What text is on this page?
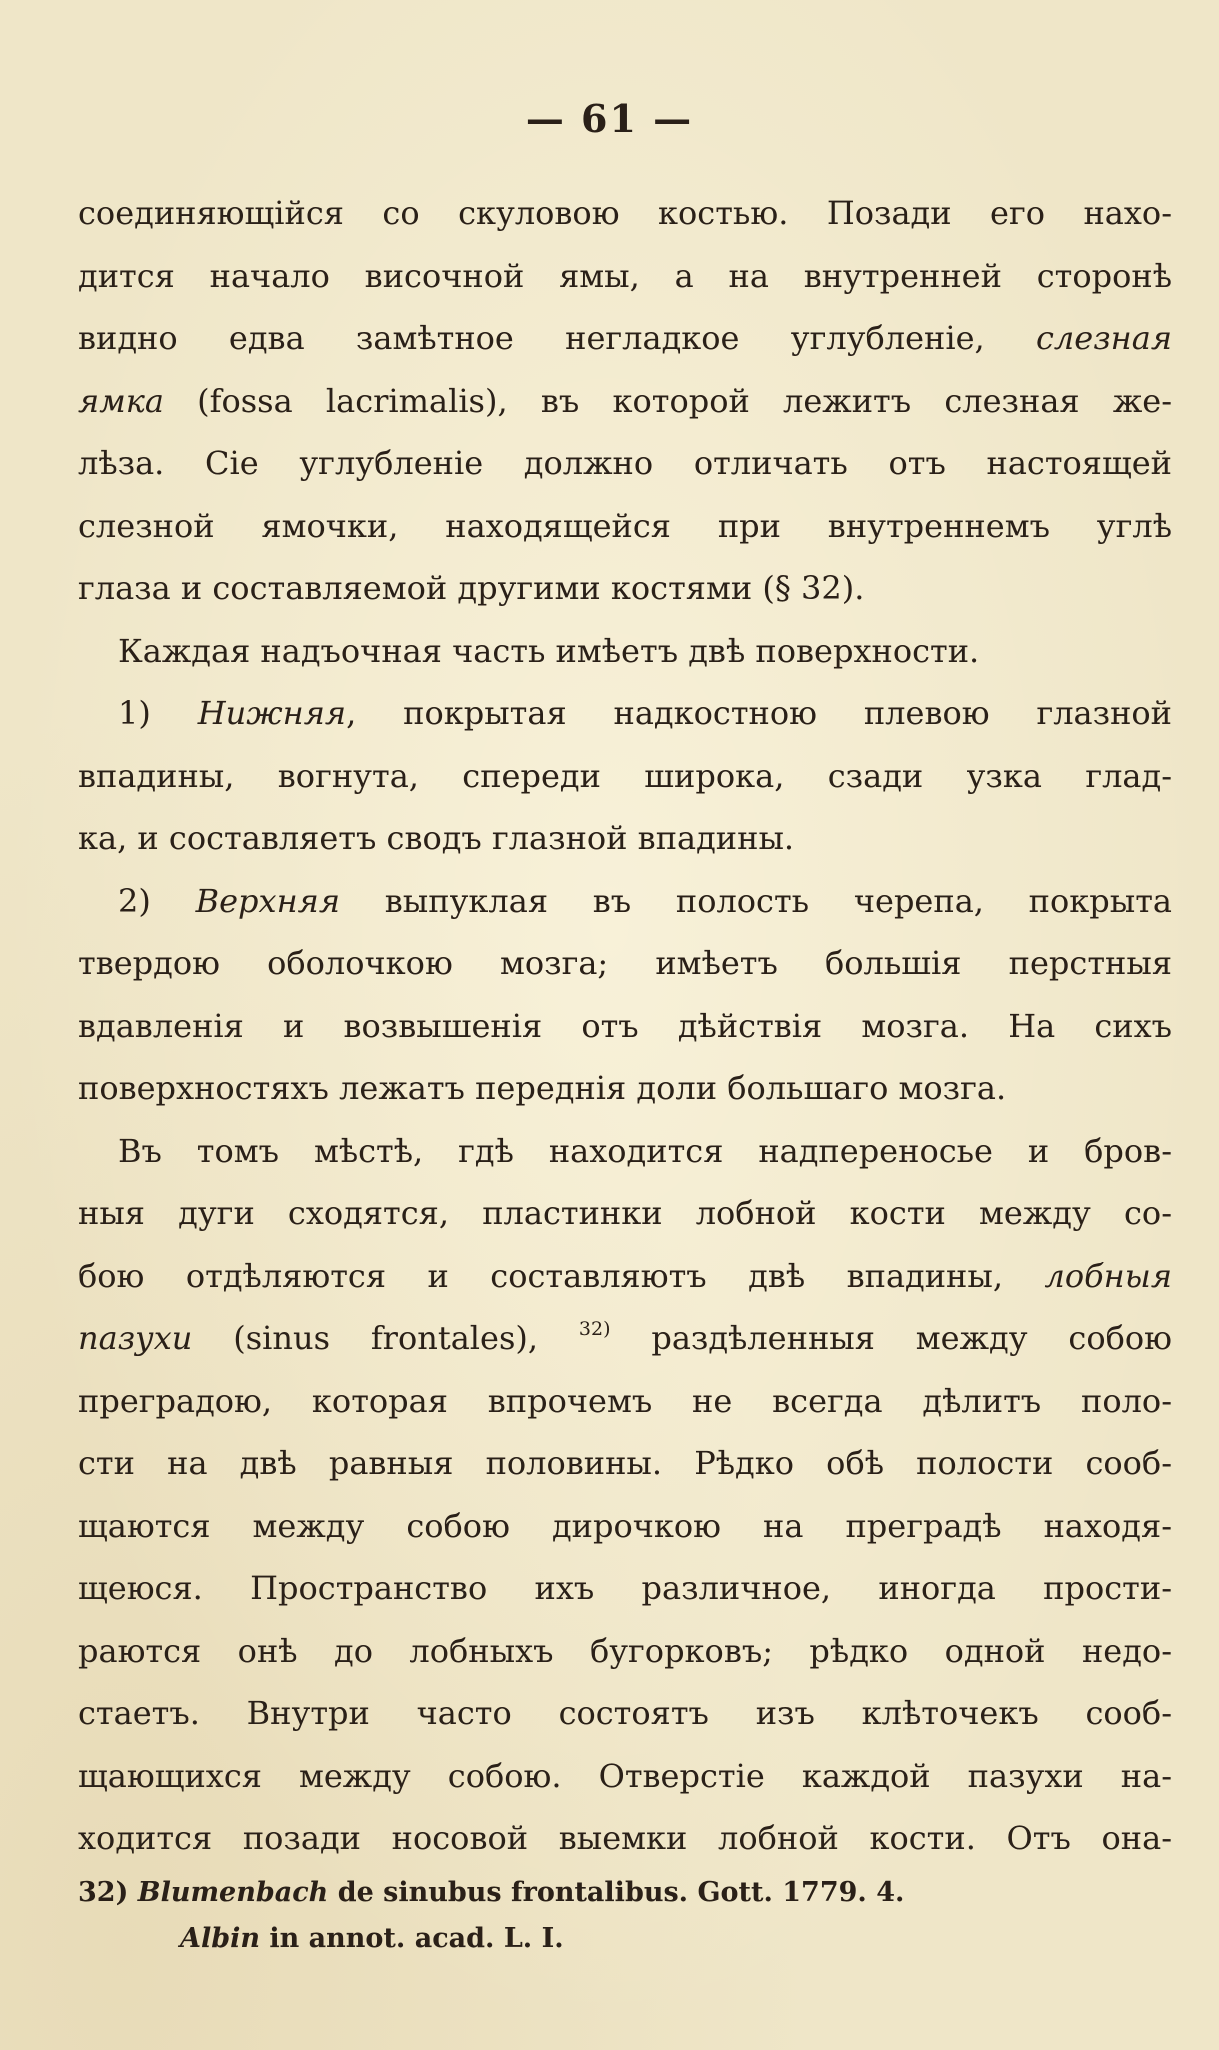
— 61 —
соединяющійся со скуловою костью. Позади его нахо-
дится начало височной ямы, а на внутренней сторонѣ
видно едва замѣтное негладкое углубленіе, слезная
ямка (fossa lacrimalis), въ которой лежитъ слезная же-
лѣза. Сіе углубленіе должно отличать отъ настоящей
слезной ямочки, находящейся при внутреннемъ углѣ
глаза и составляемой другими костями (§ 32).
Каждая надъочная часть имѣетъ двѣ поверхности.
1) Нижняя, покрытая надкостною плевою глазной
впадины, вогнута, спереди широка, сзади узка глад-
ка, и составляетъ сводъ глазной впадины.
2) Верхняя выпуклая въ полость черепа, покрыта
твердою оболочкою мозга; имѣетъ большія перстныя
вдавленія и возвышенія отъ дѣйствія мозга. На сихъ
поверхностяхъ лежатъ переднія доли большаго мозга.
Въ томъ мѣстѣ, гдѣ находится надпереносье и бров-
ныя дуги сходятся, пластинки лобной кости между со-
бою отдѣляются и составляютъ двѣ впадины, лобныя
пазухи (sinus frontales), $^{32)}$ раздѣленныя между собою
преградою, которая впрочемъ не всегда дѣлитъ поло-
сти на двѣ равныя половины. Рѣдко обѣ полости сооб-
щаются между собою дирочкою на преградѣ находя-
щеюся. Пространство ихъ различное, иногда прости-
раются онѣ до лобныхъ бугорковъ; рѣдко одной недо-
стаетъ. Внутри часто состоятъ изъ клѣточекъ сооб-
щающихся между собою. Отверстіе каждой пазухи на-
ходится позади носовой выемки лобной кости. Отъ она-
32) Blumenbach de sinubus frontalibus. Gott. 1779. 4.
Albin in annot. acad. L. I.
